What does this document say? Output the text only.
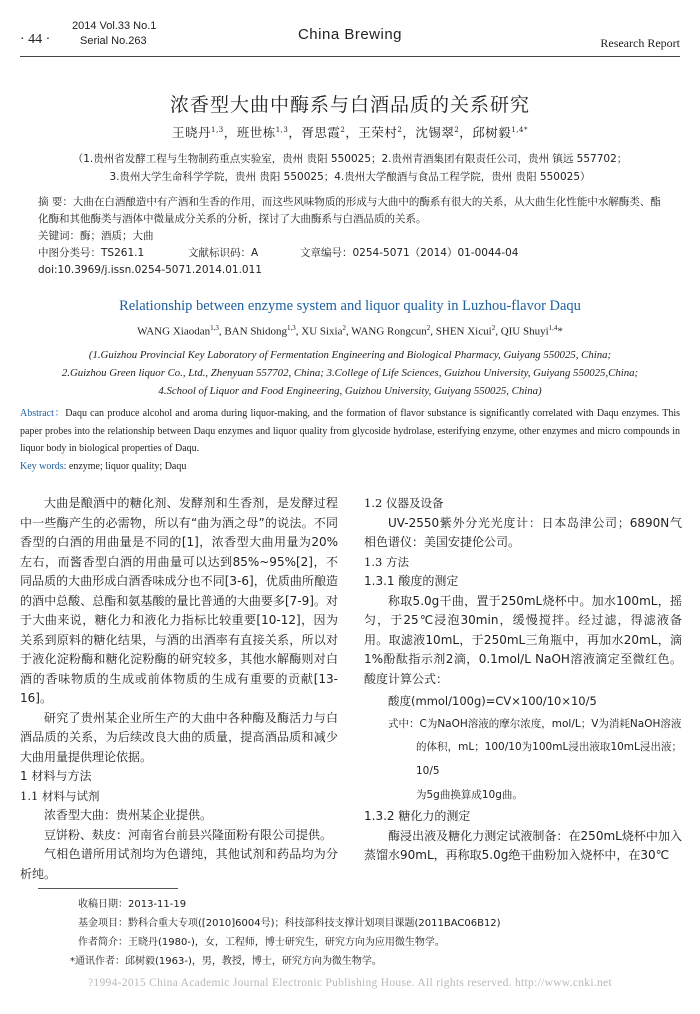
· 44 ·
2014 Vol.33 No.1
Serial No.263	China Brewing	Research Report
浓香型大曲中酶系与白酒品质的关系研究
王晓丹$^{1,3}$，班世栋$^{1,3}$，胥思霞$^2$，王荣村$^2$，沈锡翠$^2$，邱树毅$^{1,4*}$
（1.贵州省发酵工程与生物制药重点实验室，贵州 贵阳 550025；2.贵州青酒集团有限责任公司，贵州 镇远 557702；
3.贵州大学生命科学学院，贵州 贵阳 550025；4.贵州大学酿酒与食品工程学院，贵州 贵阳 550025）
摘 要：大曲在白酒酿造中有产酒和生香的作用，而这些风味物质的形成与大曲中的酶系有很大的关系，从大曲生化性能中水解酶类、酯化酶和其他酶类与酒体中微量成分关系的分析，探讨了大曲酶系与白酒品质的关系。
关键词：酶；酒质；大曲
中图分类号：TS261.1	文献标识码：A	文章编号：0254-5071（2014）01-0044-04
doi:10.3969/j.issn.0254-5071.2014.01.011
Relationship between enzyme system and liquor quality in Luzhou-flavor Daqu
WANG Xiaodan$^{1,3}$, BAN Shidong$^{1,3}$, XU Sixia$^2$, WANG Rongcun$^2$, SHEN Xicui$^2$, QIU Shuyi$^{1,4}$*
(1.Guizhou Provincial Key Laboratory of Fermentation Engineering and Biological Pharmacy, Guiyang 550025, China;
2.Guizhou Green liquor Co., Ltd., Zhenyuan 557702, China; 3.College of Life Sciences, Guizhou University, Guiyang 550025,China;
4.School of Liquor and Food Engineering, Guizhou University, Guiyang 550025, China)
Abstract：Daqu can produce alcohol and aroma during liquor-making, and the formation of flavor substance is significantly correlated with Daqu enzymes. This paper probes into the relationship between Daqu enzymes and liquor quality from glycoside hydrolase, esterifying enzyme, other enzymes and micro compounds in liquor body in biological properties of Daqu.
Key words: enzyme; liquor quality; Daqu

大曲是酿酒中的糖化剂、发酵剂和生香剂，是发酵过程中一些酶产生的必需物，所以有“曲为酒之母”的说法。不同香型的白酒的用曲量是不同的[1]，浓香型大曲用量为20%左右，而酱香型白酒的用曲量可以达到85%~95%[2]，不同品质的大曲形成白酒香味成分也不同[3-6]，优质曲所酿造的酒中总酸、总酯和氨基酸的量比普通的大曲要多[7-9]。对于大曲来说，糖化力和液化力指标比较重要[10-12]，因为关系到原料的糖化结果，与酒的出酒率有直接关系，所以对于液化淀粉酶和糖化淀粉酶的研究较多，其他水解酶则对白酒的香味物质的生成或前体物质的生成有重要的贡献[13-16]。

研究了贵州某企业所生产的大曲中各种酶及酶活力与白酒品质的关系，为后续改良大曲的质量，提高酒品质和减少大曲用量提供理论依据。

1 材料与方法

1.1 材料与试剂

浓香型大曲：贵州某企业提供。

豆饼粉、麸皮：河南省台前县兴隆面粉有限公司提供。

气相色谱所用试剂均为色谱纯，其他试剂和药品均为分析纯。

1.2 仪器及设备

UV-2550紫外分光光度计：日本岛津公司；6890N气相色谱仪：美国安捷伦公司。

1.3 方法

1.3.1 酸度的测定

称取5.0g干曲，置于250mL烧杯中。加水100mL，摇匀，于25℃浸泡30min，缓慢搅拌。经过滤，得滤液备用。取滤液10mL，于250mL三角瓶中，再加水20mL，滴1%酚酞指示剂2滴，0.1mol/L NaOH溶液滴定至微红色。酸度计算公式：

酸度(mmol/100g)=CV×100/10×10/5

式中：C为NaOH溶液的摩尔浓度，mol/L；V为消耗NaOH溶液

的体积，mL；100/10为100mL浸出液取10mL浸出液；10/5

为5g曲换算成10g曲。

1.3.2 糖化力的测定

酶浸出液及糖化力测定试液制备：在250mL烧杯中加入蒸馏水90mL，再称取5.0g绝干曲粉加入烧杯中，在30℃

收稿日期：2013-11-19
基金项目：黔科合重大专项([2010]6004号)；科技部科技支撑计划项目课题(2011BAC06B12)
作者简介：王晓丹(1980-)，女，工程师，博士研究生，研究方向为应用微生物学。
*通讯作者：邱树毅(1963-)，男，教授，博士，研究方向为微生物学。
?1994-2015 China Academic Journal Electronic Publishing House. All rights reserved. http://www.cnki.net
